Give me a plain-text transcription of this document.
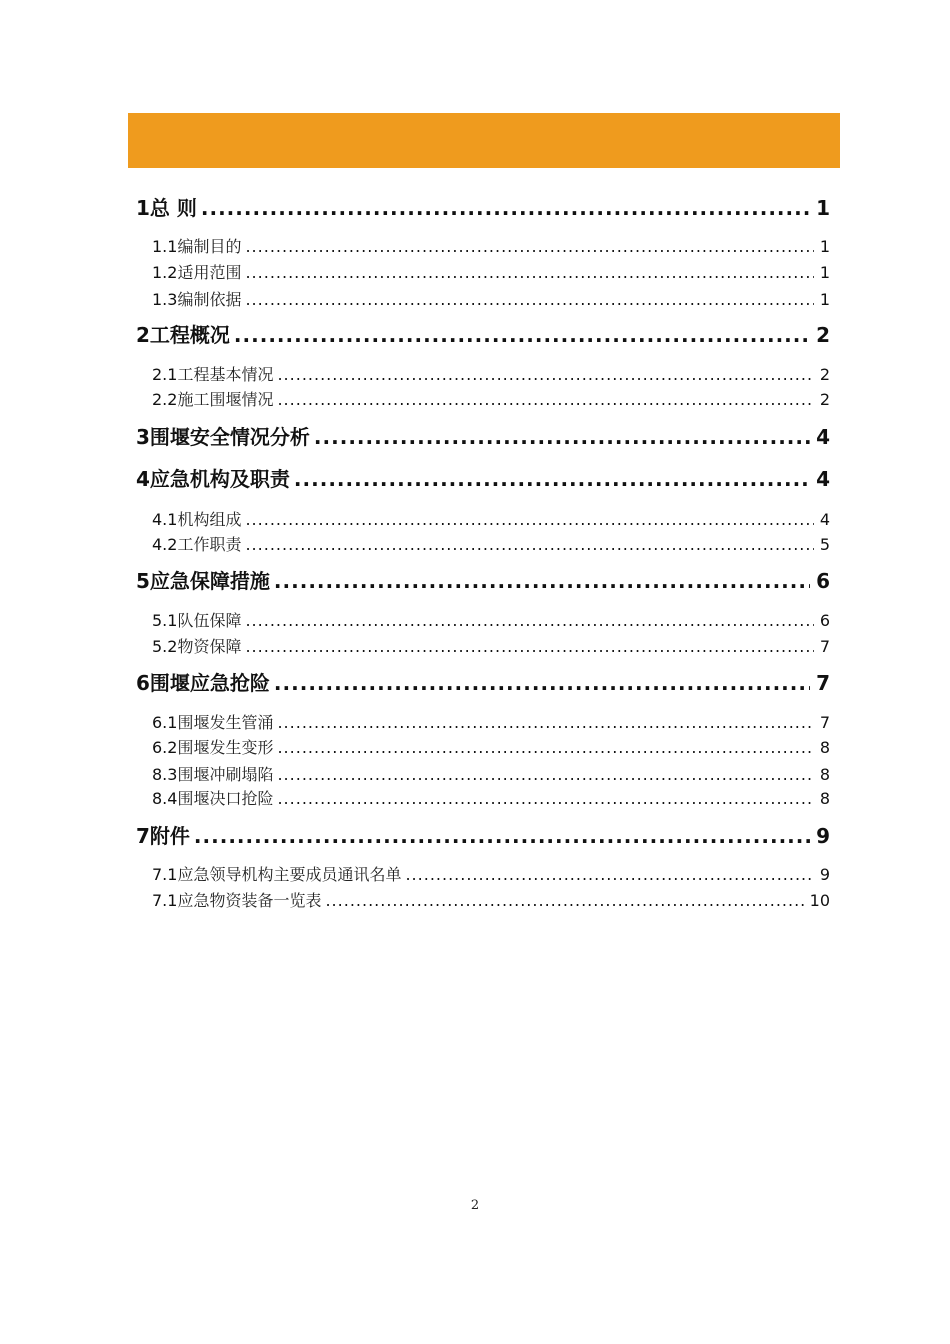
1 总 则 .....	1
1.1 编制目的 .....	1
1.2 适用范围 .....	1
1.3 编制依据 .....	1
2 工程概况 .....	2
2.1 工程基本情况 .....	2
2.2 施工围堰情况 .....	2
3 围堰安全情况分析 .....	4
4 应急机构及职责 .....	4
4.1 机构组成 .....	4
4.2 工作职责 .....	5
5 应急保障措施 .....	6
5.1 队伍保障 .....	6
5.2 物资保障 .....	7
6 围堰应急抢险 .....	7
6.1 围堰发生管涌 .....	7
6.2 围堰发生变形 .....	8
8.3 围堰冲刷塌陷 .....	8
8.4 围堰决口抢险 .....	8
7 附件 .....	9
7.1 应急领导机构主要成员通讯名单 .....	9
7.1 应急物资装备一览表 .....	10
2
